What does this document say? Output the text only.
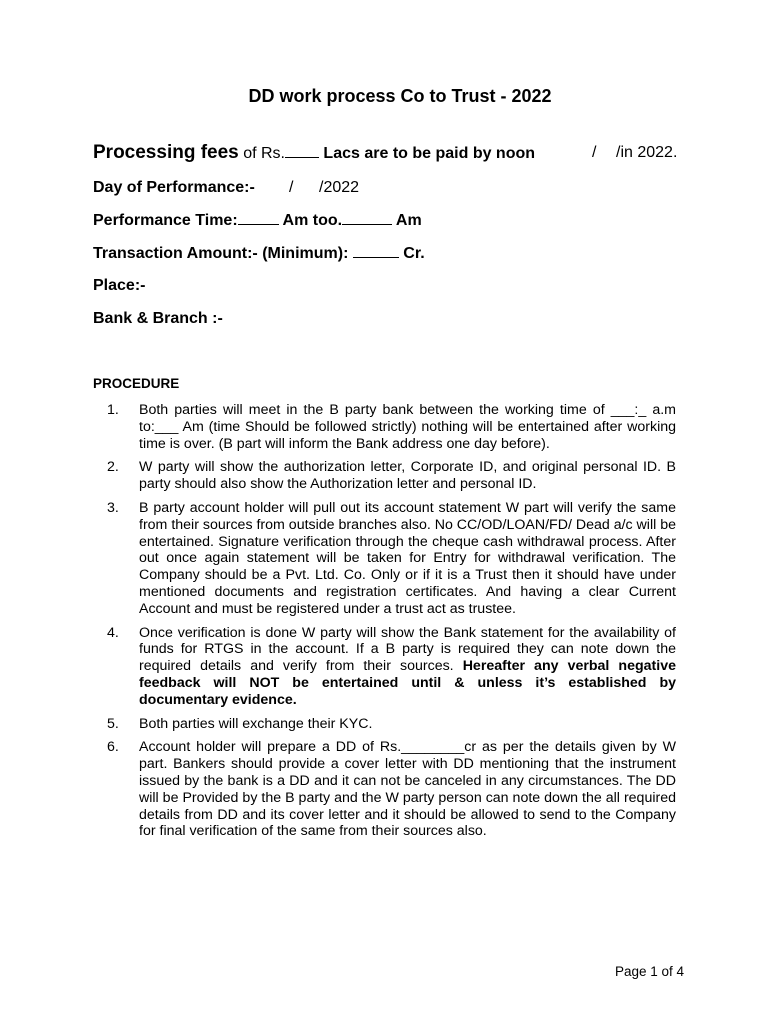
DD work process Co to Trust - 2022
Processing fees of Rs. Lacs are to be paid by noon	/ /in 2022.
Day of Performance:- / /2022
Performance Time:	Am too.	Am
Transaction Amount:- (Minimum):	Cr.
Place:-
Bank & Branch :-
PROCEDURE
1. Both parties will meet in the B party bank between the working time of ___:_ a.m to:___ Am (time Should be followed strictly) nothing will be entertained after working time is over. (B part will inform the Bank address one day before).
2. W party will show the authorization letter, Corporate ID, and original personal ID. B party should also show the Authorization letter and personal ID.
3. B party account holder will pull out its account statement W part will verify the same from their sources from outside branches also. No CC/OD/LOAN/FD/ Dead a/c will be entertained. Signature verification through the cheque cash withdrawal process. After out once again statement will be taken for Entry for withdrawal verification. The Company should be a Pvt. Ltd. Co. Only or if it is a Trust then it should have under mentioned documents and registration certificates. And having a clear Current Account and must be registered under a trust act as trustee.
4. Once verification is done W party will show the Bank statement for the availability of funds for RTGS in the account. If a B party is required they can note down the required details and verify from their sources. Hereafter any verbal negative feedback will NOT be entertained until & unless it’s established by documentary evidence.
5. Both parties will exchange their KYC.
6. Account holder will prepare a DD of Rs.________cr as per the details given by W part. Bankers should provide a cover letter with DD mentioning that the instrument issued by the bank is a DD and it can not be canceled in any circumstances. The DD will be Provided by the B party and the W party person can note down the all required details from DD and its cover letter and it should be allowed to send to the Company for final verification of the same from their sources also.
Page 1 of 4
